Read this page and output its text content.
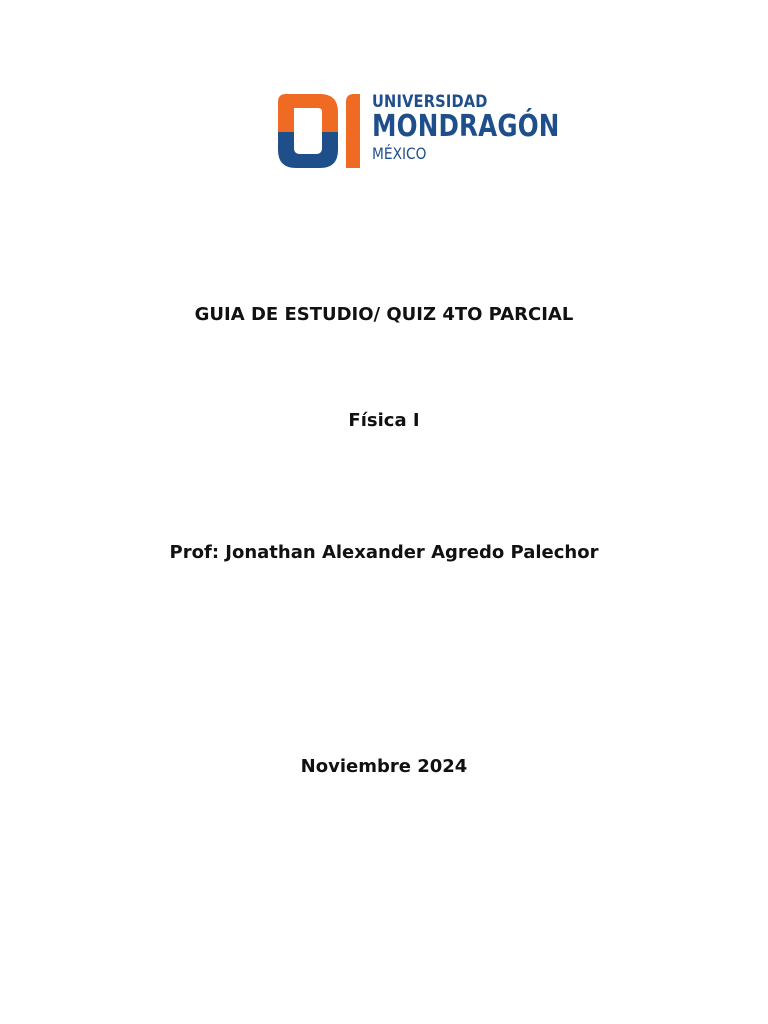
UNIVERSIDAD
MONDRAGÓN
MÉXICO
GUIA DE ESTUDIO/ QUIZ 4TO PARCIAL
Física I
Prof: Jonathan Alexander Agredo Palechor
Noviembre 2024
